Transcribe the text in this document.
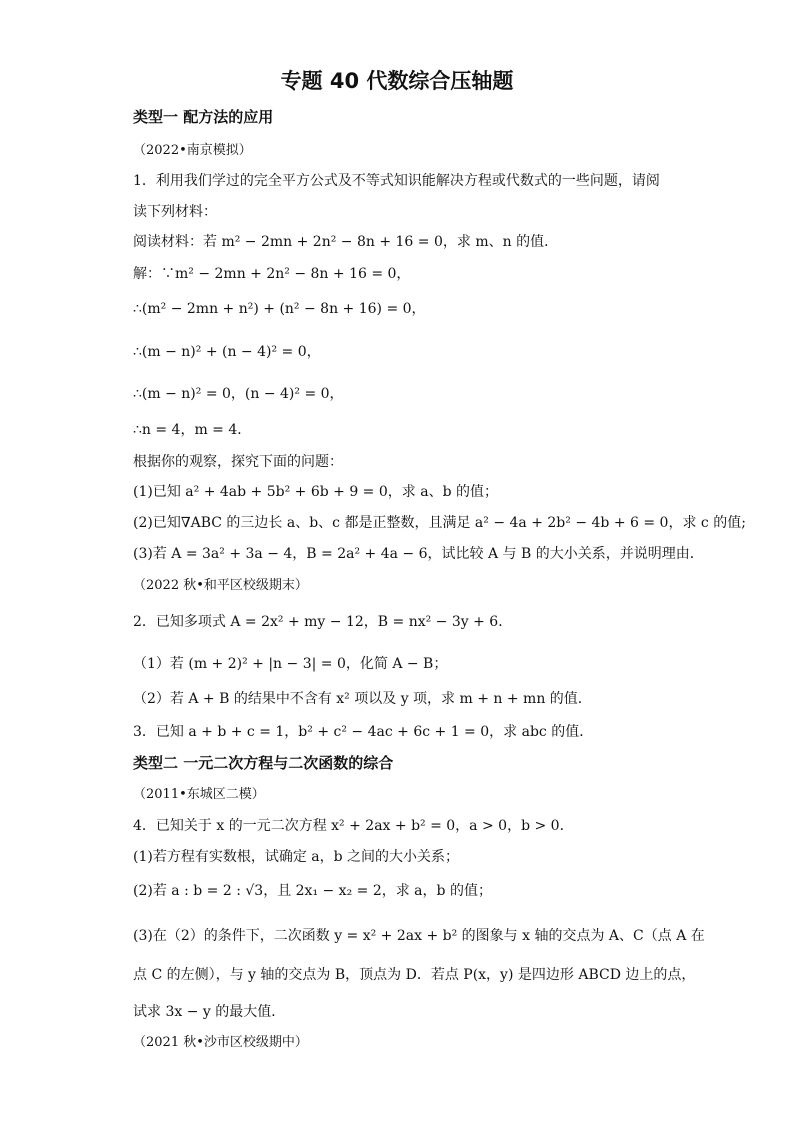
专题 40 代数综合压轴题
类型一 配方法的应用
（2022•南京模拟）
1．利用我们学过的完全平方公式及不等式知识能解决方程或代数式的一些问题，请阅
读下列材料：
阅读材料：若 m² − 2mn + 2n² − 8n + 16 = 0，求 m、n 的值．
解：∵m² − 2mn + 2n² − 8n + 16 = 0，
∴(m² − 2mn + n²) + (n² − 8n + 16) = 0，
∴(m − n)² + (n − 4)² = 0，
∴(m − n)² = 0，(n − 4)² = 0，
∴n = 4，m = 4．
根据你的观察，探究下面的问题：
(1)已知 a² + 4ab + 5b² + 6b + 9 = 0，求 a、b 的值；
(2)已知∇ABC 的三边长 a、b、c 都是正整数，且满足 a² − 4a + 2b² − 4b + 6 = 0，求 c 的值;
(3)若 A = 3a² + 3a − 4，B = 2a² + 4a − 6，试比较 A 与 B 的大小关系，并说明理由．
（2022 秋•和平区校级期末）
2．已知多项式 A = 2x² + my − 12，B = nx² − 3y + 6．
（1）若 (m + 2)² + |n − 3| = 0，化简 A − B；
（2）若 A + B 的结果中不含有 x² 项以及 y 项，求 m + n + mn 的值．
3．已知 a + b + c = 1，b² + c² − 4ac + 6c + 1 = 0，求 abc 的值．
类型二 一元二次方程与二次函数的综合
（2011•东城区二模）
4．已知关于 x 的一元二次方程 x² + 2ax + b² = 0，a > 0，b > 0．
(1)若方程有实数根，试确定 a，b 之间的大小关系；
(2)若 a : b = 2 : √3，且 2x₁ − x₂ = 2，求 a，b 的值；
(3)在（2）的条件下，二次函数 y = x² + 2ax + b² 的图象与 x 轴的交点为 A、C（点 A 在
点 C 的左侧），与 y 轴的交点为 B，顶点为 D．若点 P(x，y) 是四边形 ABCD 边上的点，
试求 3x − y 的最大值．
（2021 秋•沙市区校级期中）
